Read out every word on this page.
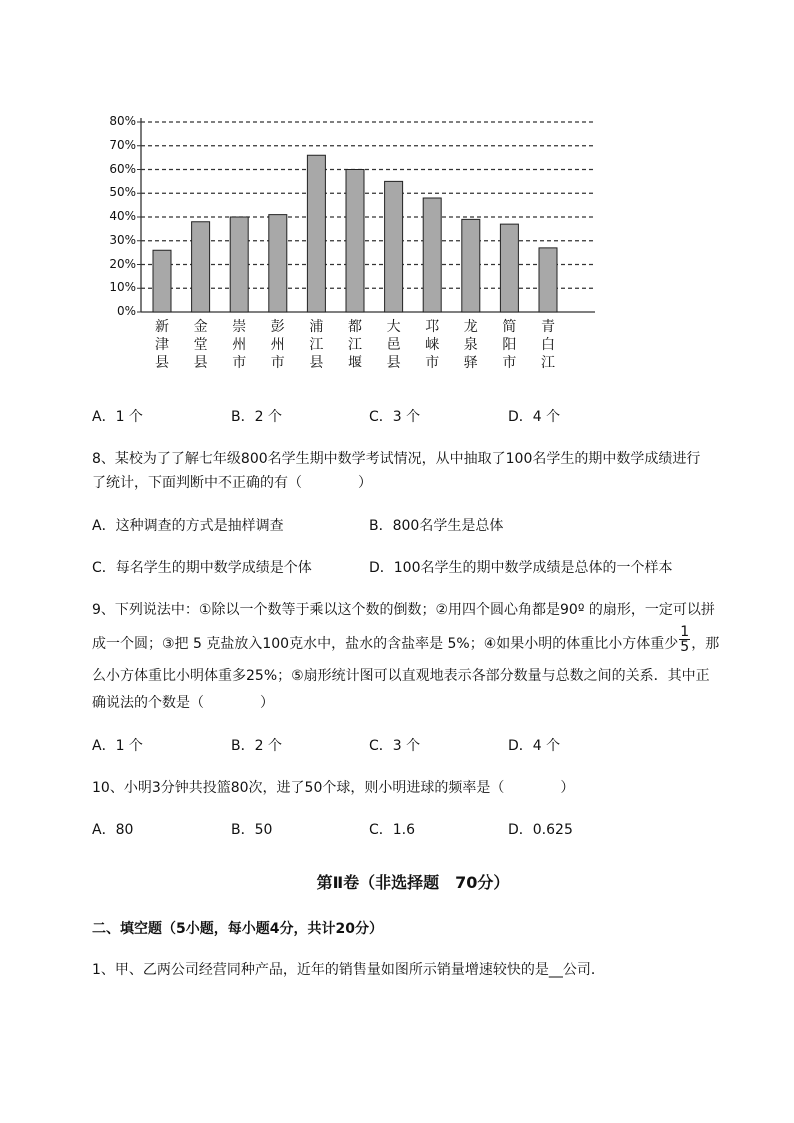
0%
10%
20%
30%
40%
50%
60%
70%
80%
新
津
县
金
堂
县
崇
州
市
彭
州
市
浦
江
县
都
江
堰
大
邑
县
邛
崃
市
龙
泉
驿
简
阳
市
青
白
江
A．1 个	B．2 个	C．3 个	D．4 个
8、某校为了了解七年级800名学生期中数学考试情况，从中抽取了100名学生的期中数学成绩进行
了统计，下面判断中不正确的有（　　　　）
A．这种调查的方式是抽样调查	B．800名学生是总体
C．每名学生的期中数学成绩是个体	D．100名学生的期中数学成绩是总体的一个样本
9、下列说法中：①除以一个数等于乘以这个数的倒数；②用四个圆心角都是90º 的扇形，一定可以拼
成一个圆；③把 5 克盐放入100克水中，盐水的含盐率是 5%；④如果小明的体重比小方体重少 $\frac{1}{5}$ ，那
么小方体重比小明体重多25%；⑤扇形统计图可以直观地表示各部分数量与总数之间的关系．其中正
确说法的个数是（　　　　）
A．1 个	B．2 个	C．3 个	D．4 个
10、小明3分钟共投篮80次，进了50个球，则小明进球的频率是（　　　　）
A．80	B．50	C．1.6	D．0.625
第Ⅱ卷（非选择题　70分）
二、填空题（5小题，每小题4分，共计20分）
1、甲、乙两公司经营同种产品，近年的销售量如图所示销量增速较快的是__公司．
